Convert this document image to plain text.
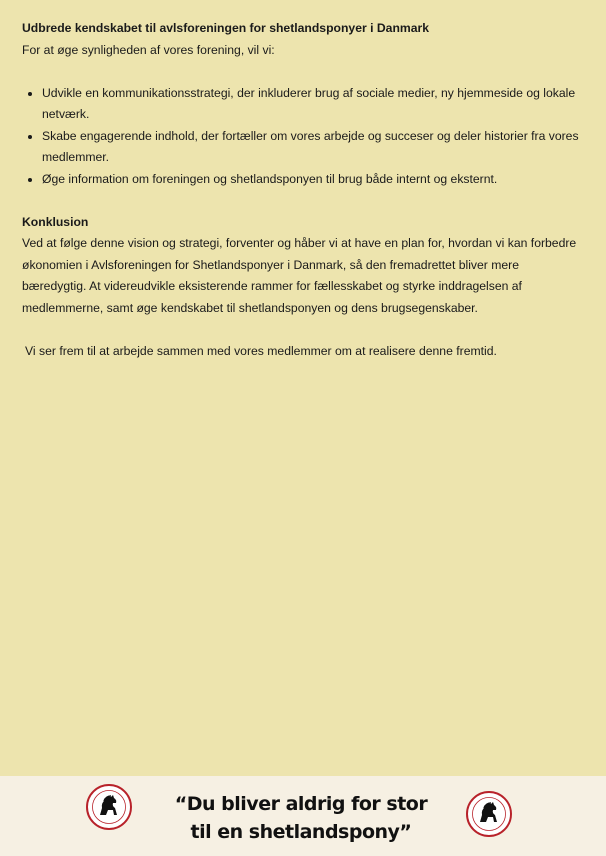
Udbrede kendskabet til avlsforeningen for shetlandsponyer i Danmark

For at øge synligheden af vores forening, vil vi:

• Udvikle en kommunikationsstrategi, der inkluderer brug af sociale medier, ny hjemmeside og lokale netværk.
• Skabe engagerende indhold, der fortæller om vores arbejde og succeser og deler historier fra vores medlemmer.
• Øge information om foreningen og shetlandsponyen til brug både internt og eksternt.

Konklusion

Ved at følge denne vision og strategi, forventer og håber vi at have en plan for, hvordan vi kan forbedre økonomien i Avlsforeningen for Shetlandsponyer i Danmark, så den fremadrettet bliver mere bæredygtig. At videreudvikle eksisterende rammer for fællesskabet og styrke inddragelsen af medlemmerne, samt øge kendskabet til shetlandsponyen og dens brugsegenskaber.

Vi ser frem til at arbejde sammen med vores medlemmer om at realisere denne fremtid.

“Du bliver aldrig for stor
til en shetlandspony”
